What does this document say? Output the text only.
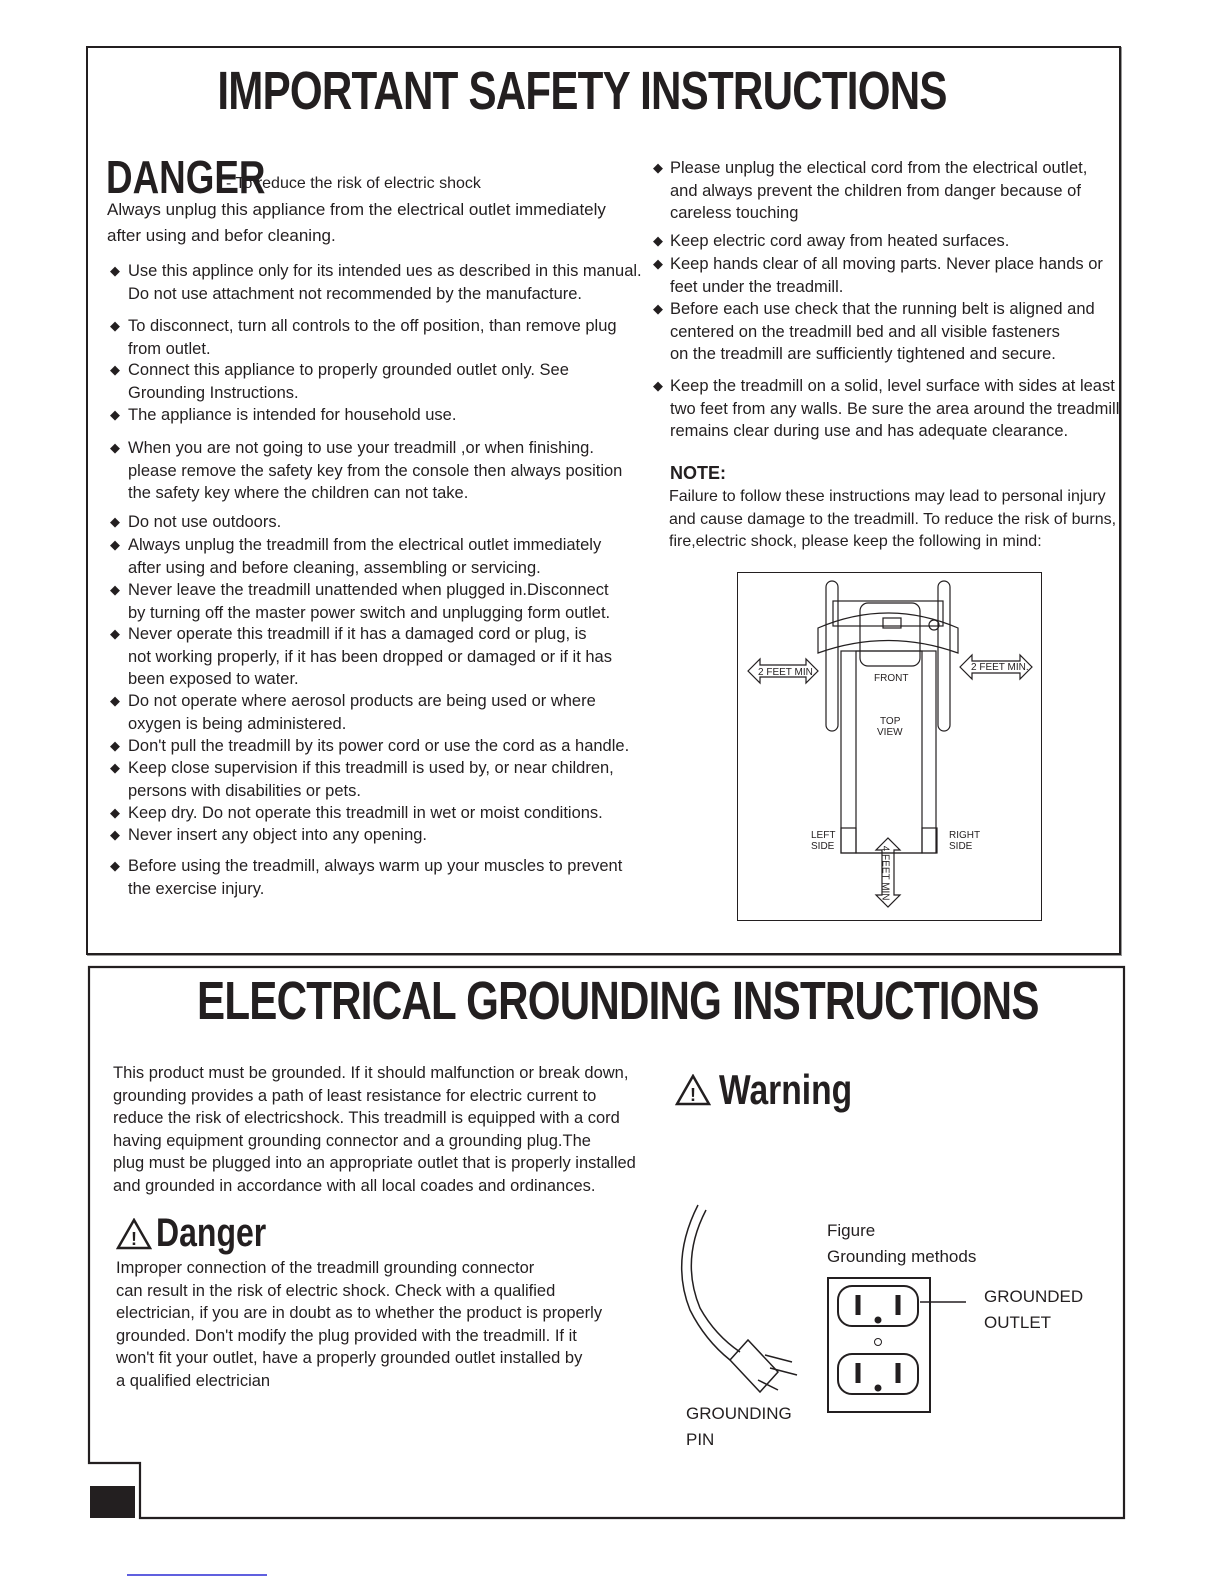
IMPORTANT SAFETY INSTRUCTIONS
DANGER
- To reduce the risk of electric shock
Always unplug this appliance from the electrical outlet immediately
after using and befor cleaning.
◆ Use this applince only for its intended ues as described in this manual.
Do not use attachment not recommended by the manufacture.
◆ To disconnect, turn all controls to the off position, than remove plug
from outlet.
◆ Connect this appliance to properly grounded outlet only. See
Grounding Instructions.
◆ The appliance is intended for household use.
◆ When you are not going to use your treadmill ,or when finishing.
please remove the safety key from the console then always position
the safety key where the children can not take.
◆ Do not use outdoors.
◆ Always unplug the treadmill from the electrical outlet immediately
after using and before cleaning, assembling or servicing.
◆ Never leave the treadmill unattended when plugged in.Disconnect
by turning off the master power switch and unplugging form outlet.
◆ Never operate this treadmill if it has a damaged cord or plug, is
not working properly, if it has been dropped or damaged or if it has
been exposed to water.
◆ Do not operate where aerosol products are being used or where
oxygen is being administered.
◆ Don't pull the treadmill by its power cord or use the cord as a handle.
◆ Keep close supervision if this treadmill is used by, or near children,
persons with disabilities or pets.
◆ Keep dry. Do not operate this treadmill in wet or moist conditions.
◆ Never insert any object into any opening.
◆ Before using the treadmill, always warm up your muscles to prevent
the exercise injury.
◆ Please unplug the electical cord from the electrical outlet,
and always prevent the children from danger because of
careless touching
◆ Keep electric cord away from heated surfaces.
◆ Keep hands clear of all moving parts. Never place hands or
feet under the treadmill.
◆ Before each use check that the running belt is aligned and
centered on the treadmill bed and all visible fasteners
on the treadmill are sufficiently tightened and secure.
◆ Keep the treadmill on a solid, level surface with sides at least
two feet from any walls. Be sure the area around the treadmill
remains clear during use and has adequate clearance.
NOTE:
Failure to follow these instructions may lead to personal injury
and cause damage to the treadmill. To reduce the risk of burns,
fire,electric shock, please keep the following in mind:
2 FEET MIN.	2 FEET MIN.
4 FEET MIN.
FRONT
TOP
VIEW
LEFT
SIDE
RIGHT
SIDE
ELECTRICAL GROUNDING INSTRUCTIONS
This product must be grounded. If it should malfunction or break down,
grounding provides a path of least resistance for electric current to
reduce the risk of electricshock. This treadmill is equipped with a cord
having equipment grounding connector and a grounding plug.The
plug must be plugged into an appropriate outlet that is properly installed
and grounded in accordance with all local coades and ordinances.
! Danger
Improper connection of the treadmill grounding connector
can result in the risk of electric shock. Check with a qualified
electrician, if you are in doubt as to whether the product is properly
grounded. Don't modify the plug provided with the treadmill. If it
won't fit your outlet, have a properly grounded outlet installed by
a qualified electrician
! Warning
Figure
Grounding methods
GROUNDED
OUTLET
GROUNDING
PIN
